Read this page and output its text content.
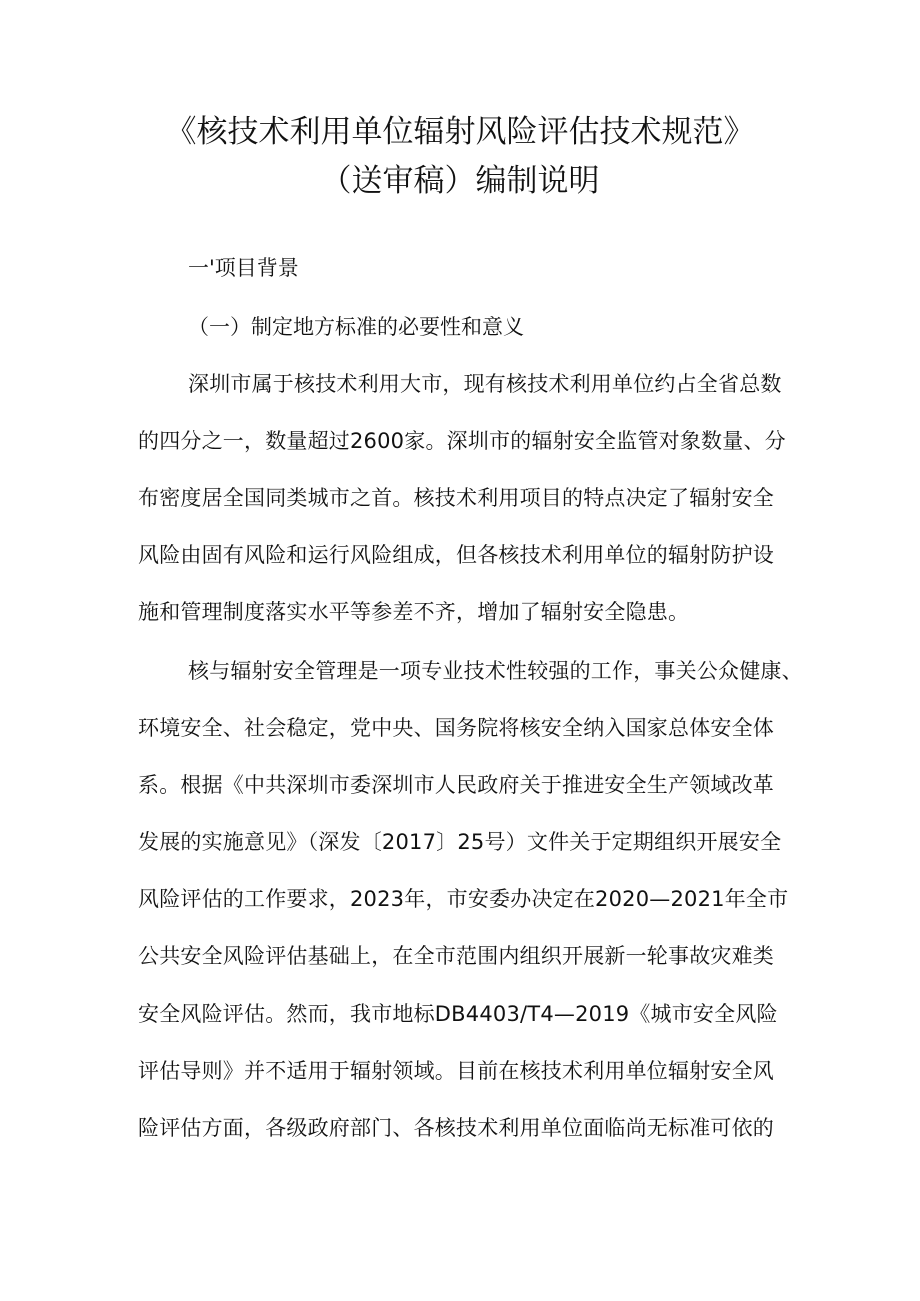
《核技术利用单位辐射风险评估技术规范》
（送审稿）编制说明
一'项目背景
（一）制定地方标准的必要性和意义
深圳市属于核技术利用大市，现有核技术利用单位约占全省总数
的四分之一，数量超过2600家。深圳市的辐射安全监管对象数量、分
布密度居全国同类城市之首。核技术利用项目的特点决定了辐射安全
风险由固有风险和运行风险组成，但各核技术利用单位的辐射防护设
施和管理制度落实水平等参差不齐，增加了辐射安全隐患。
核与辐射安全管理是一项专业技术性较强的工作，事关公众健康、
环境安全、社会稳定，党中央、国务院将核安全纳入国家总体安全体
系。根据《中共深圳市委深圳市人民政府关于推进安全生产领域改革
发展的实施意见》（深发〔2017〕25号）文件关于定期组织开展安全
风险评估的工作要求，2023年，市安委办决定在2020—2021年全市
公共安全风险评估基础上，在全市范围内组织开展新一轮事故灾难类
安全风险评估。然而，我市地标DB4403/T4—2019《城市安全风险
评估导则》并不适用于辐射领域。目前在核技术利用单位辐射安全风
险评估方面，各级政府部门、各核技术利用单位面临尚无标准可依的
